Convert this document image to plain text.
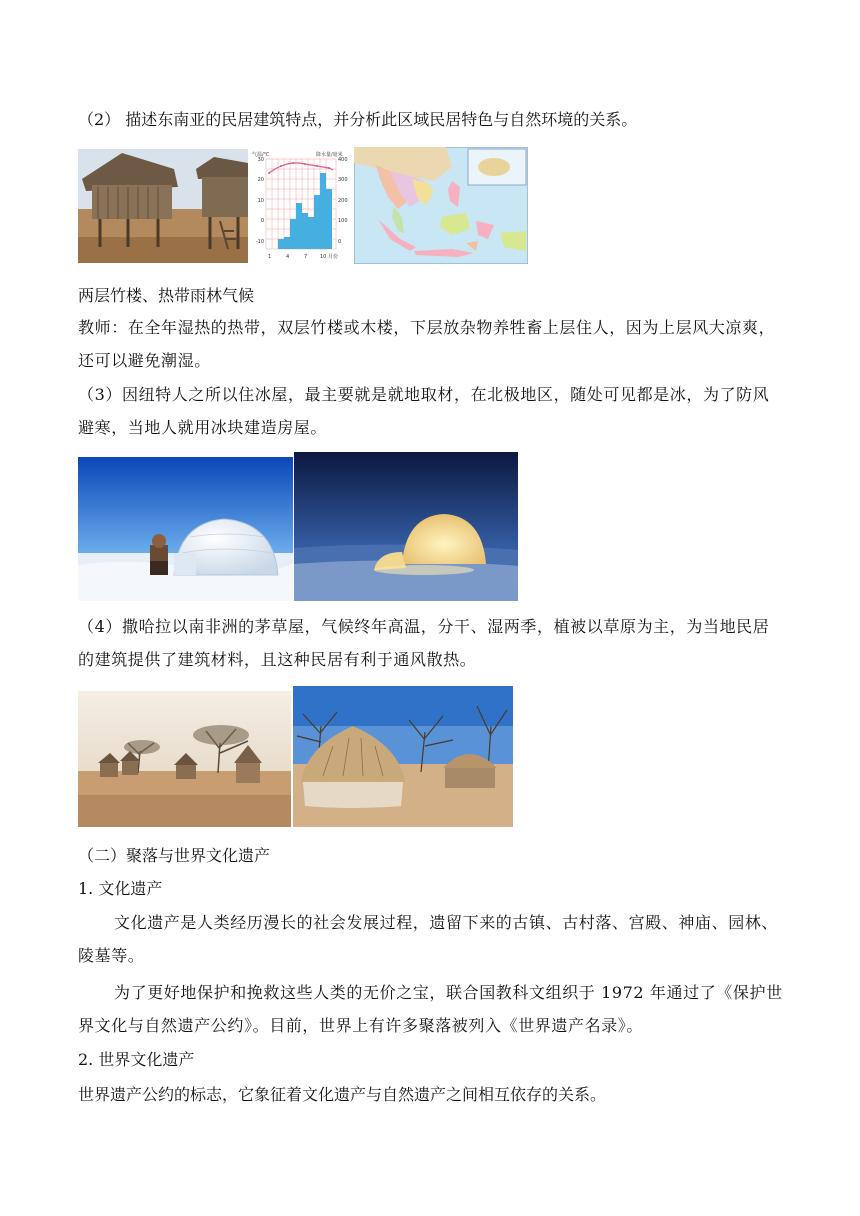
（2） 描述东南亚的民居建筑特点，并分析此区域民居特色与自然环境的关系。
气温/℃	降水量/毫米
30
20
10
0
-10
400
300
200
100
0
1	4	7	10 月份
两层竹楼、热带雨林气候
教师：在全年湿热的热带，双层竹楼或木楼，下层放杂物养牲畜上层住人，因为上层风大凉爽，还可以避免潮湿。
（3）因纽特人之所以住冰屋，最主要就是就地取材，在北极地区，随处可见都是冰，为了防风避寒，当地人就用冰块建造房屋。
（4）撒哈拉以南非洲的茅草屋，气候终年高温，分干、湿两季，植被以草原为主，为当地民居的建筑提供了建筑材料，且这种民居有利于通风散热。
（二）聚落与世界文化遗产
1. 文化遗产
文化遗产是人类经历漫长的社会发展过程，遗留下来的古镇、古村落、宫殿、神庙、园林、陵墓等。
为了更好地保护和挽救这些人类的无价之宝，联合国教科文组织于 1972 年通过了《保护世界文化与自然遗产公约》。目前，世界上有许多聚落被列入《世界遗产名录》。
2. 世界文化遗产
世界遗产公约的标志，它象征着文化遗产与自然遗产之间相互依存的关系。
